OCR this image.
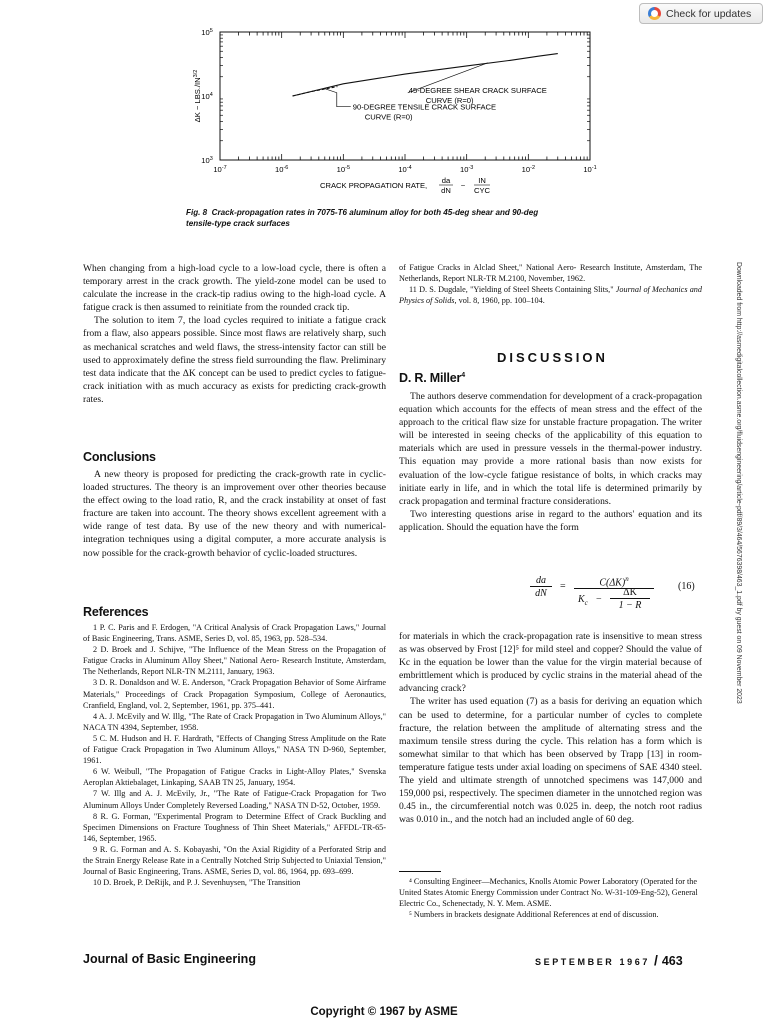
Check for updates
Downloaded from http://asmedigitalcollection.asme.org/fluidsengineering/article-pdf/89/3/464/5676398/463_1.pdf by guest on 09 November 2023
$10^{-7}$	$10^{-6}$	$10^{-5}$	$10^{-4}$	$10^{-3}$	$10^{-2}$	$10^{-1}$
$10^3$
$10^4$
$10^5$
ΔK ~ $LBS./IN^{3/2}$
CRACK PROPAGATION RATE,
da
dN
~
IN
CYC
45-DEGREE SHEAR CRACK SURFACE
CURVE (R=0)
90-DEGREE TENSILE CRACK SURFACE
CURVE (R=0)
Fig. 8 Crack-propagation rates in 7075-T6 aluminum alloy for both 45-deg shear and 90-deg
tensile-type crack surfaces

When changing from a high-load cycle to a low-load cycle, there is often a temporary arrest in the crack growth. The yield-zone model can be used to calculate the increase in the crack-tip radius owing to the high-load cycle. A fatigue crack is then assumed to reinitiate from the rounded crack tip.

The solution to item 7, the load cycles required to initiate a fatigue crack from a flaw, also appears possible. Since most flaws are relatively sharp, such as mechanical scratches and weld flaws, the stress-intensity factor can still be used to approximately define the stress field surrounding the flaw. Preliminary test data indicate that the ΔK concept can be used to predict cycles to fatigue-crack initiation with as much accuracy as exists for predicting crack-growth rates.

Conclusions

A new theory is proposed for predicting the crack-growth rate in cyclic-loaded structures. The theory is an improvement over other theories because the effect owing to the load ratio, R, and the crack instability at onset of fast fracture are taken into account. The theory shows excellent agreement with a wide range of test data. By use of the new theory and with numerical-integration techniques using a digital computer, a more accurate analysis is now possible for the crack-growth behavior of cyclic-loaded structures.

References
1 P. C. Paris and F. Erdogen, "A Critical Analysis of Crack Propagation Laws," Journal of Basic Engineering, Trans. ASME, Series D, vol. 85, 1963, pp. 528–534.
2 D. Broek and J. Schijve, "The Influence of the Mean Stress on the Propagation of Fatigue Cracks in Aluminum Alloy Sheet," National Aero- Research Institute, Amsterdam, The Netherlands, Report NLR-TN M.2111, January, 1963.
3 D. R. Donaldson and W. E. Anderson, "Crack Propagation Behavior of Some Airframe Materials," Proceedings of Crack Propagation Symposium, College of Aeronautics, Cranfield, England, vol. 2, September, 1961, pp. 375–441.
4 A. J. McEvily and W. Illg, "The Rate of Crack Propagation in Two Aluminum Alloys," NACA TN 4394, September, 1958.
5 C. M. Hudson and H. F. Hardrath, "Effects of Changing Stress Amplitude on the Rate of Fatigue Crack Propagation in Two Aluminum Alloys," NASA TN D-960, September, 1961.
6 W. Weibull, "The Propagation of Fatigue Cracks in Light-Alloy Plates," Svenska Aeroplan Aktiebalaget, Linkaping, SAAB TN 25, January, 1954.
7 W. Illg and A. J. McEvily, Jr., "The Rate of Fatigue-Crack Propagation for Two Aluminum Alloys Under Completely Reversed Loading," NASA TN D-52, October, 1959.
8 R. G. Forman, "Experimental Program to Determine Effect of Crack Buckling and Specimen Dimensions on Fracture Toughness of Thin Sheet Materials," AFFDL-TR-65-146, September, 1965.
9 R. G. Forman and A. S. Kobayashi, "On the Axial Rigidity of a Perforated Strip and the Strain Energy Release Rate in a Centrally Notched Strip Subjected to Uniaxial Tension," Journal of Basic Engineering, Trans. ASME, Series D, vol. 86, 1964, pp. 693–699.
10 D. Broek, P. DeRijk, and P. J. Sevenhuysen, "The Transition
of Fatigue Cracks in Alclad Sheet," National Aero- Research Institute, Amsterdam, The Netherlands, Report NLR-TR M.2100, November, 1962.
11 D. S. Dugdale, "Yielding of Steel Sheets Containing Slits," Journal of Mechanics and Physics of Solids, vol. 8, 1960, pp. 100–104.
DISCUSSION
D. R. Miller$^4$

The authors deserve commendation for development of a crack-propagation equation which accounts for the effects of mean stress and the effect of the approach to the critical flaw size for unstable fracture propagation. The writer will be interested in seeing checks of the applicability of this equation to materials which are used in pressure vessels in the thermal-power industry. This equation may provide a more rational basis than now exists for evaluation of the low-cycle fatigue resistance of bolts, in which cracks may initiate early in life, and in which the total life is determined primarily by crack propagation and terminal fracture considerations.

Two interesting questions arise in regard to the authors' equation and its application. Should the equation have the form

da
dN
=	$C(\Delta K)^n$
$K_c$ −
ΔK
1 − R
(16)

for materials in which the crack-propagation rate is insensitive to mean stress as was observed by Frost [12]⁵ for mild steel and copper? Should the value of Kc in the equation be lower than the value for the virgin material because of embrittlement which is produced by cyclic strains in the material ahead of the advancing crack?

The writer has used equation (7) as a basis for deriving an equation which can be used to determine, for a particular number of cycles to complete fracture, the relation between the amplitude of alternating stress and the maximum tensile stress during the cycle. This relation has a form which is somewhat similar to that which has been observed by Trapp [13] in room-temperature fatigue tests under axial loading on specimens of SAE 4340 steel. The yield and ultimate strength of unnotched specimens was 147,000 and 159,000 psi, respectively. The specimen diameter in the unnotched region was 0.45 in., the circumferential notch was 0.025 in. deep, the notch root radius was 0.010 in., and the notch had an included angle of 60 deg.

⁴ Consulting Engineer—Mechanics, Knolls Atomic Power Laboratory (Operated for the United States Atomic Energy Commission under Contract No. W-31-109-Eng-52), General Electric Co., Schenectady, N. Y. Mem. ASME.
⁵ Numbers in brackets designate Additional References at end of discussion.
Journal of Basic Engineering	SEPTEMBER 1967 / 463
Copyright © 1967 by ASME
